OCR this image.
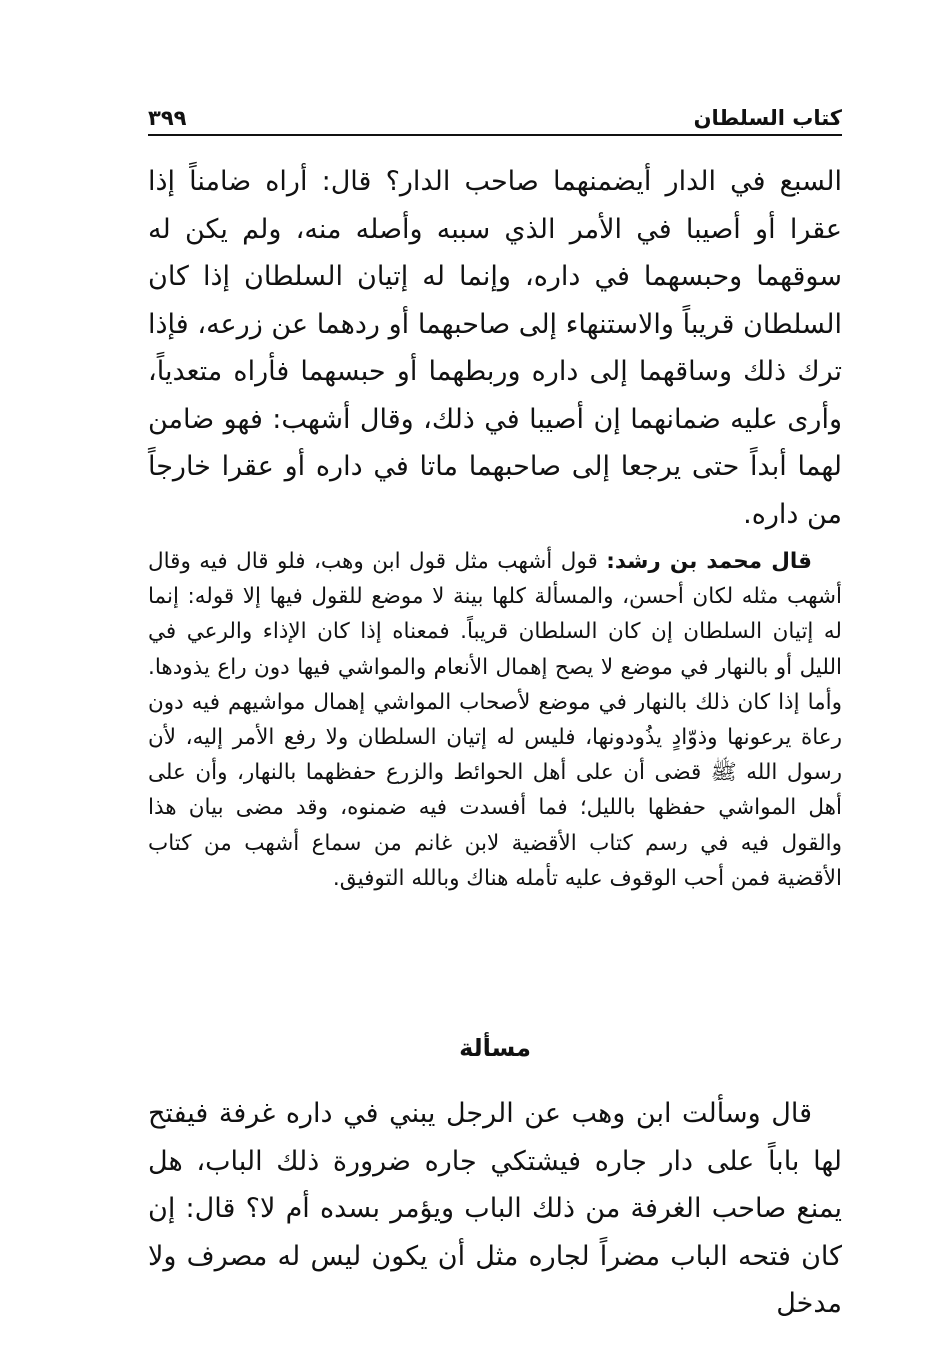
كتاب السلطان
٣٩٩

السبع في الدار أيضمنهما صاحب الدار؟ قال: أراه ضامناً إذا عقرا أو أصيبا في الأمر الذي سببه وأصله منه، ولم يكن له سوقهما وحبسهما في داره، وإنما له إتيان السلطان إذا كان السلطان قريباً والاستنهاء إلى صاحبهما أو ردهما عن زرعه، فإذا ترك ذلك وساقهما إلى داره وربطهما أو حبسهما فأراه متعدياً، وأرى عليه ضمانهما إن أصيبا في ذلك، وقال أشهب: فهو ضامن لهما أبداً حتى يرجعا إلى صاحبهما ماتا في داره أو عقرا خارجاً من داره.

قال محمد بن رشد: قول أشهب مثل قول ابن وهب، فلو قال فيه وقال أشهب مثله لكان أحسن، والمسألة كلها بينة لا موضع للقول فيها إلا قوله: إنما له إتيان السلطان إن كان السلطان قريباً. فمعناه إذا كان الإذاء والرعي في الليل أو بالنهار في موضع لا يصح إهمال الأنعام والمواشي فيها دون راع يذودها. وأما إذا كان ذلك بالنهار في موضع لأصحاب المواشي إهمال مواشيهم فيه دون رعاة يرعونها وذوّادٍ يذُودونها، فليس له إتيان السلطان ولا رفع الأمر إليه، لأن رسول الله ﷺ قضى أن على أهل الحوائط والزرع حفظهما بالنهار، وأن على أهل المواشي حفظها بالليل؛ فما أفسدت فيه ضمنوه، وقد مضى بيان هذا والقول فيه في رسم كتاب الأقضية لابن غانم من سماع أشهب من كتاب الأقضية فمن أحب الوقوف عليه تأمله هناك وبالله التوفيق.

مسألة

قال وسألت ابن وهب عن الرجل يبني في داره غرفة فيفتح لها باباً على دار جاره فيشتكي جاره ضرورة ذلك الباب، هل يمنع صاحب الغرفة من ذلك الباب ويؤمر بسده أم لا؟ قال: إن كان فتحه الباب مضراً لجاره مثل أن يكون ليس له مصرف ولا مدخل
